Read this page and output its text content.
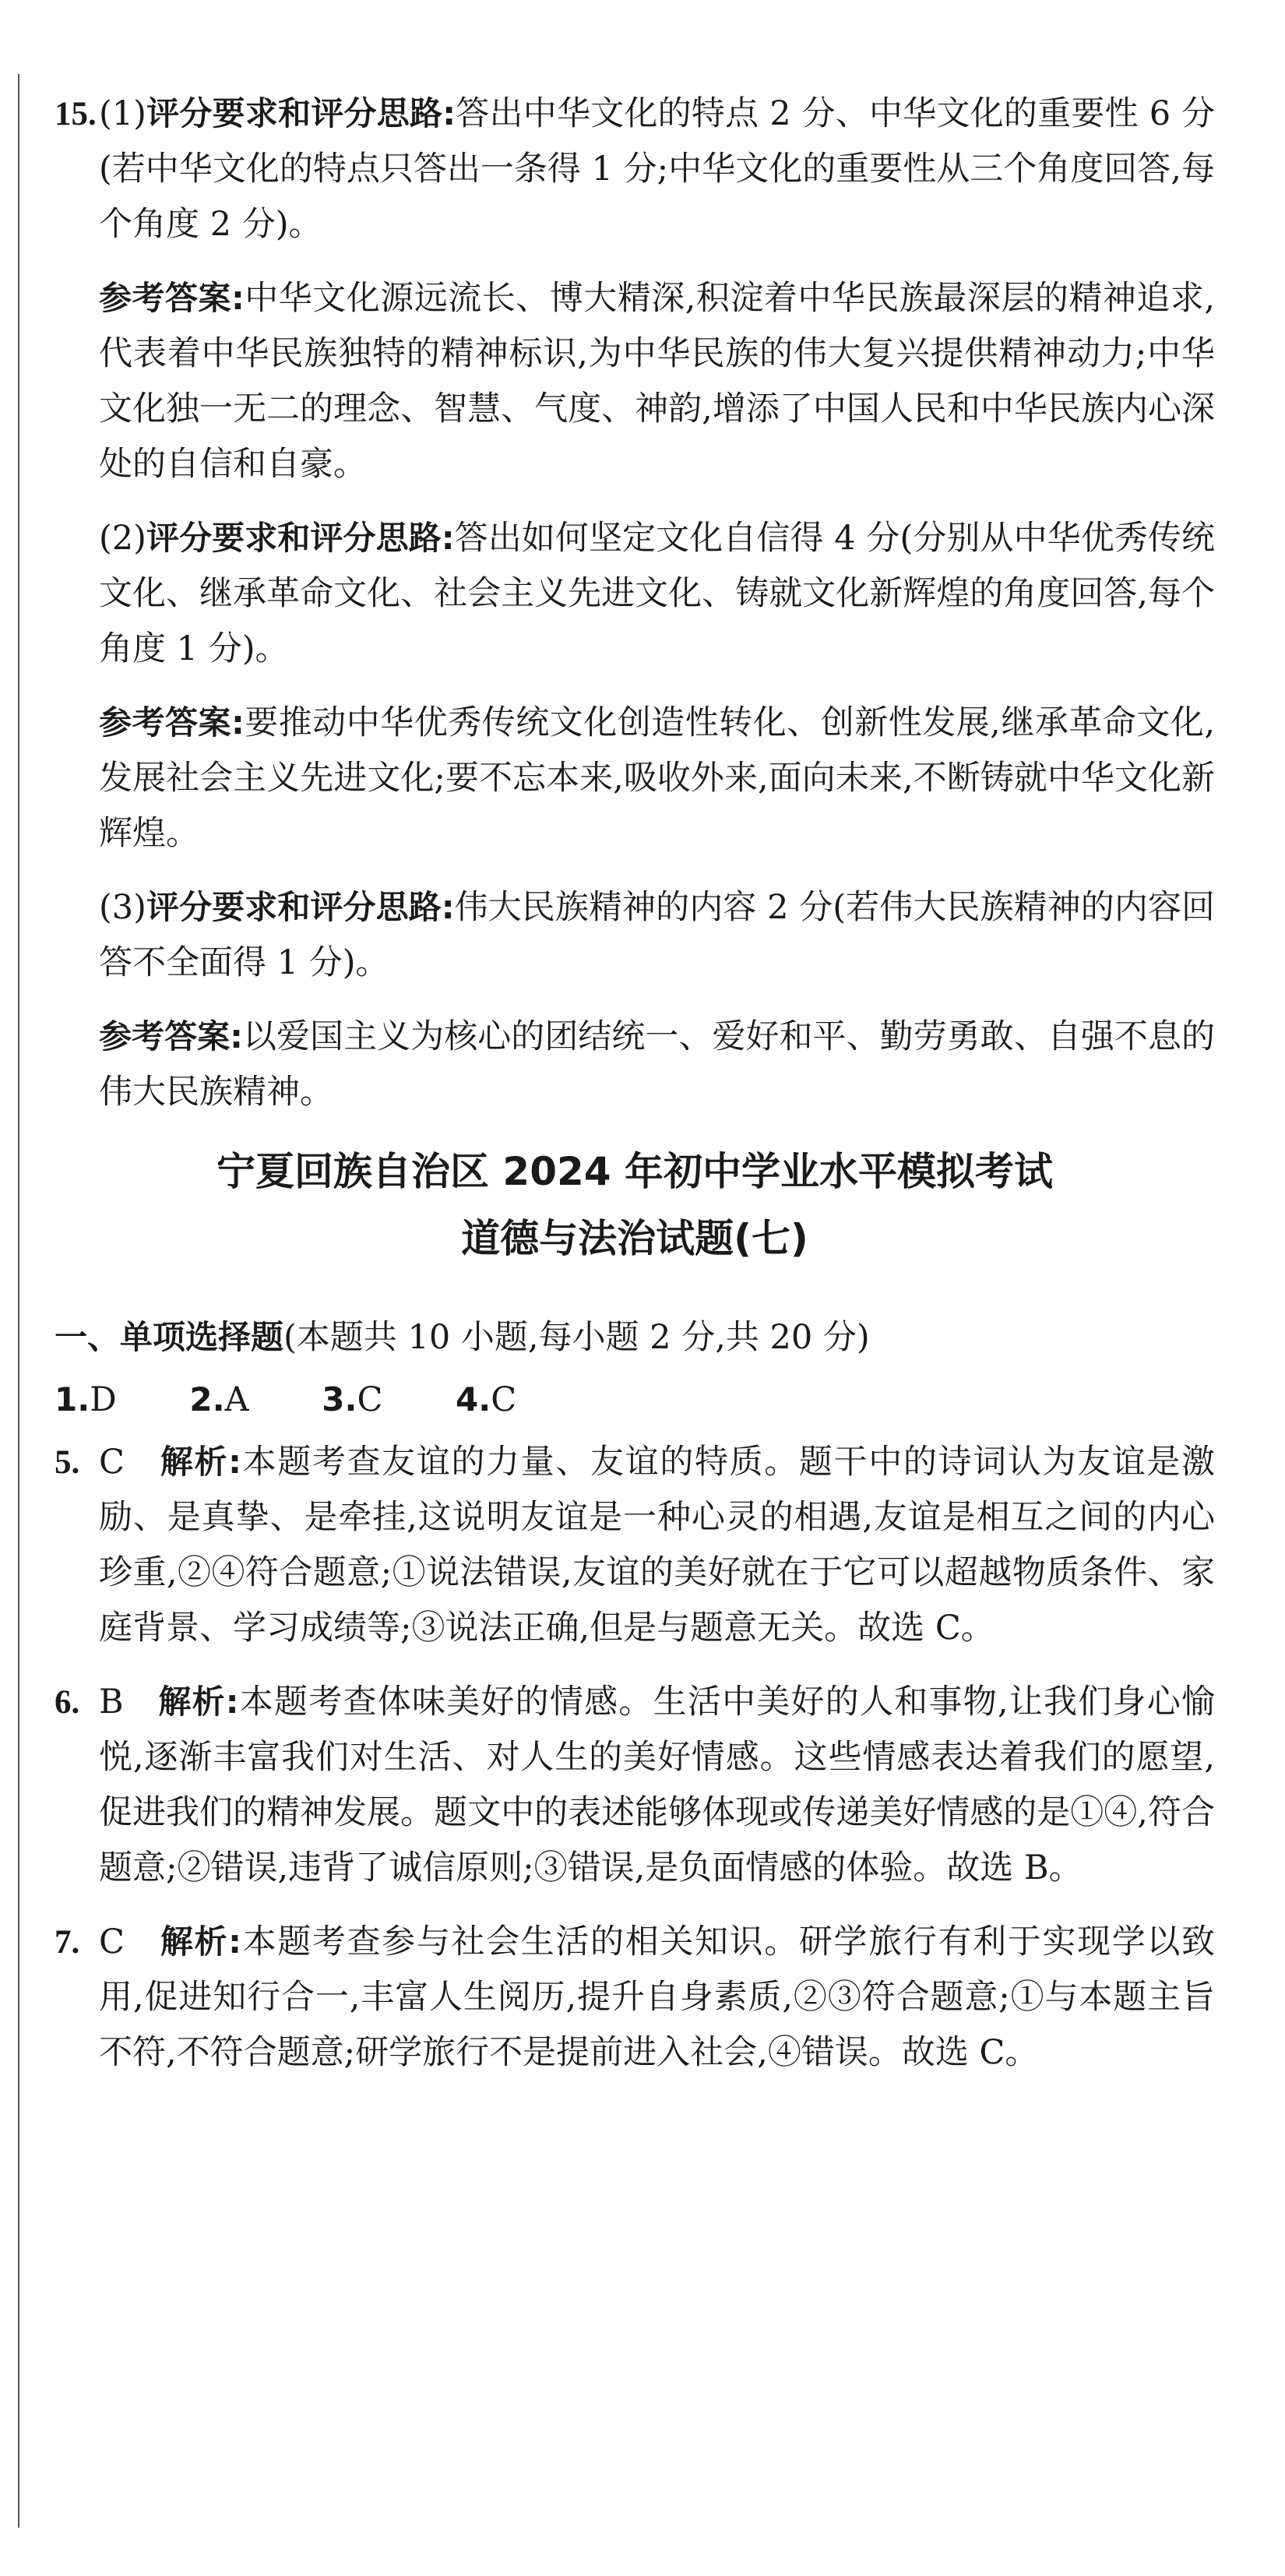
15.(1)评分要求和评分思路:答出中华文化的特点 2 分、中华文化的重要性 6 分(若中华文化的特点只答出一条得 1 分;中华文化的重要性从三个角度回答,每个角度 2 分)。
参考答案:中华文化源远流长、博大精深,积淀着中华民族最深层的精神追求,代表着中华民族独特的精神标识,为中华民族的伟大复兴提供精神动力;中华文化独一无二的理念、智慧、气度、神韵,增添了中国人民和中华民族内心深处的自信和自豪。
(2)评分要求和评分思路:答出如何坚定文化自信得 4 分(分别从中华优秀传统文化、继承革命文化、社会主义先进文化、铸就文化新辉煌的角度回答,每个角度 1 分)。
参考答案:要推动中华优秀传统文化创造性转化、创新性发展,继承革命文化,发展社会主义先进文化;要不忘本来,吸收外来,面向未来,不断铸就中华文化新辉煌。
(3)评分要求和评分思路:伟大民族精神的内容 2 分(若伟大民族精神的内容回答不全面得 1 分)。
参考答案:以爱国主义为核心的团结统一、爱好和平、勤劳勇敢、自强不息的伟大民族精神。
宁夏回族自治区 2024 年初中学业水平模拟考试
道德与法治试题(七)
一、单项选择题(本题共 10 小题,每小题 2 分,共 20 分)
1.D 2.A 3.C 4.C
5. C 解析:本题考查友谊的力量、友谊的特质。题干中的诗词认为友谊是激励、是真挚、是牵挂,这说明友谊是一种心灵的相遇,友谊是相互之间的内心珍重,②④符合题意;①说法错误,友谊的美好就在于它可以超越物质条件、家庭背景、学习成绩等;③说法正确,但是与题意无关。故选 C。
6. B 解析:本题考查体味美好的情感。生活中美好的人和事物,让我们身心愉悦,逐渐丰富我们对生活、对人生的美好情感。这些情感表达着我们的愿望,促进我们的精神发展。题文中的表述能够体现或传递美好情感的是①④,符合题意;②错误,违背了诚信原则;③错误,是负面情感的体验。故选 B。
7. C 解析:本题考查参与社会生活的相关知识。研学旅行有利于实现学以致用,促进知行合一,丰富人生阅历,提升自身素质,②③符合题意;①与本题主旨不符,不符合题意;研学旅行不是提前进入社会,④错误。故选 C。
